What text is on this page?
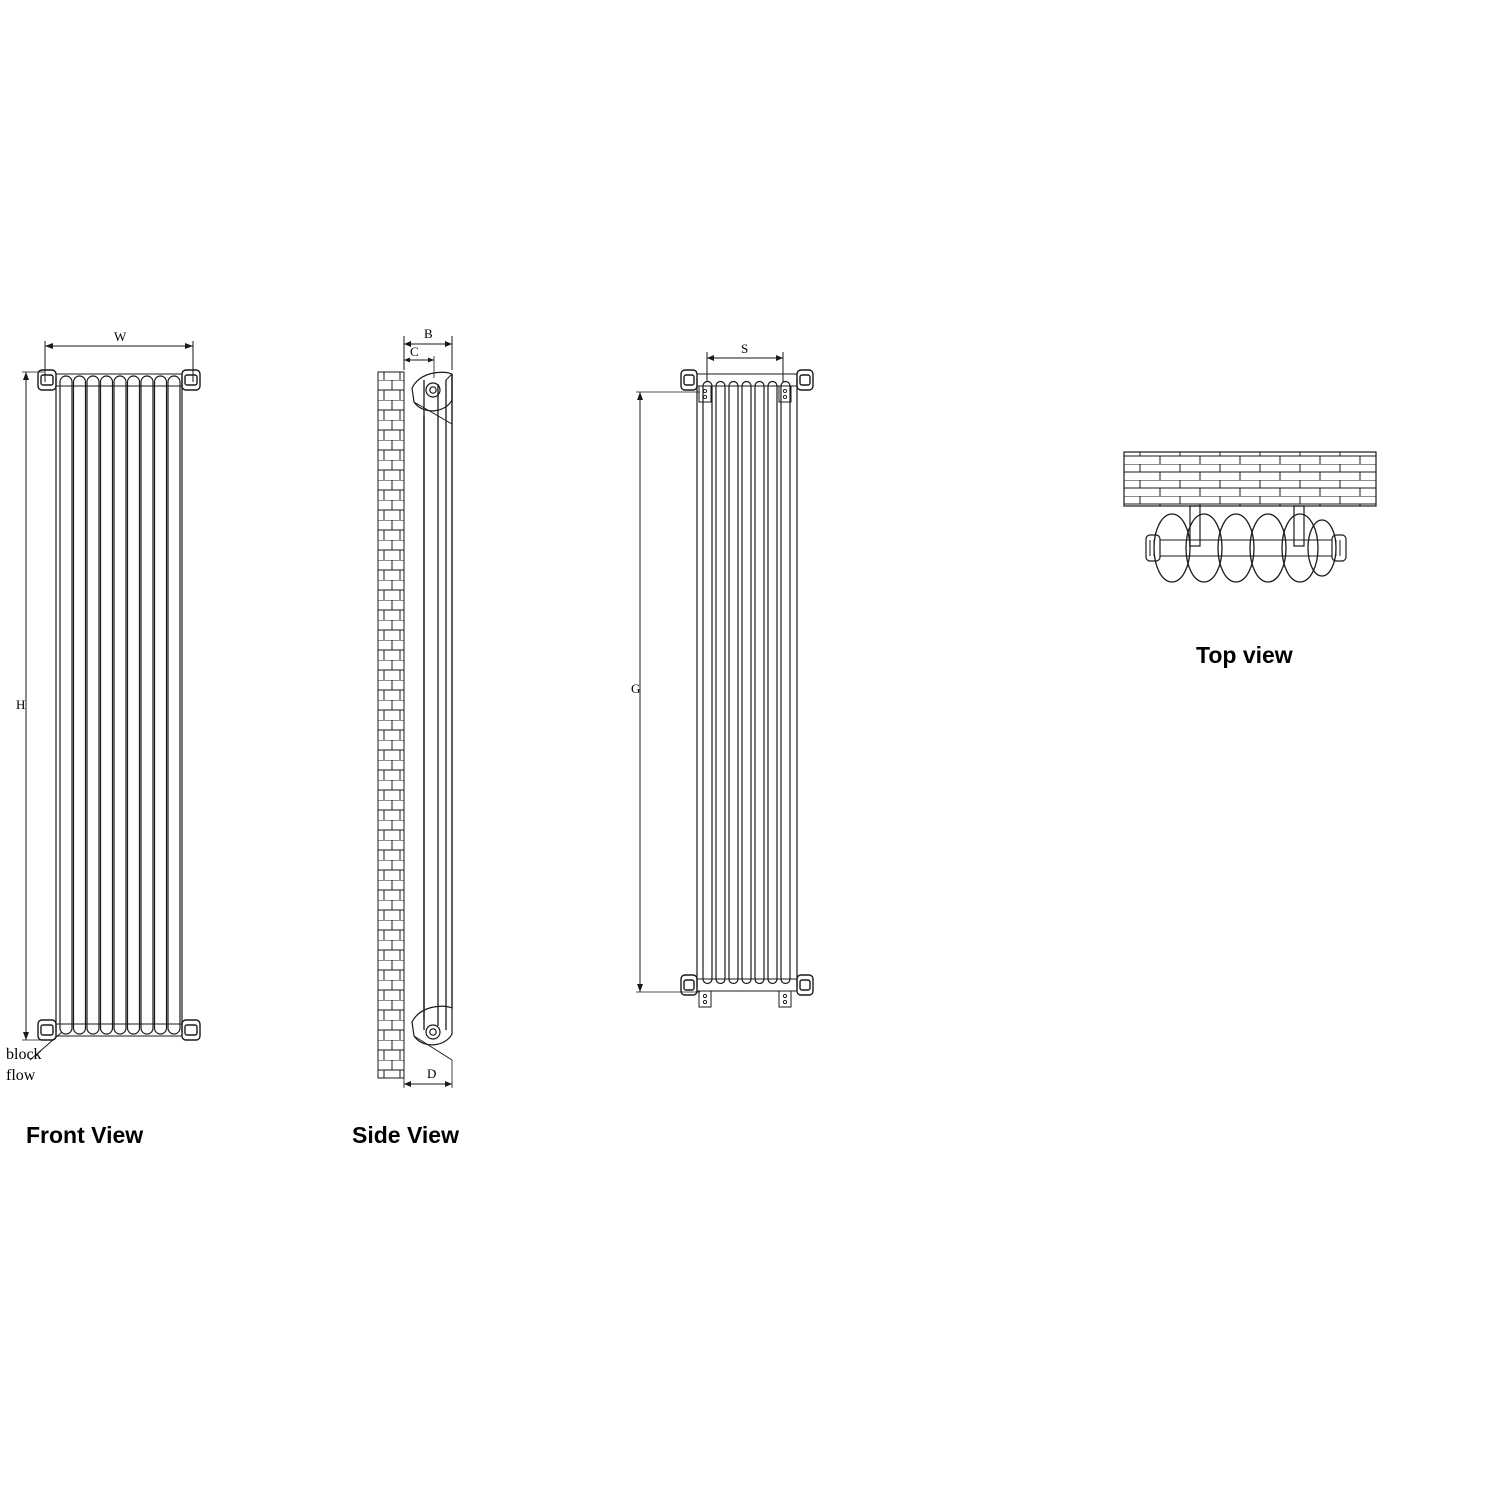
W
H
B
C
D
S
G
block
flow
Front View	Side View
Top view
